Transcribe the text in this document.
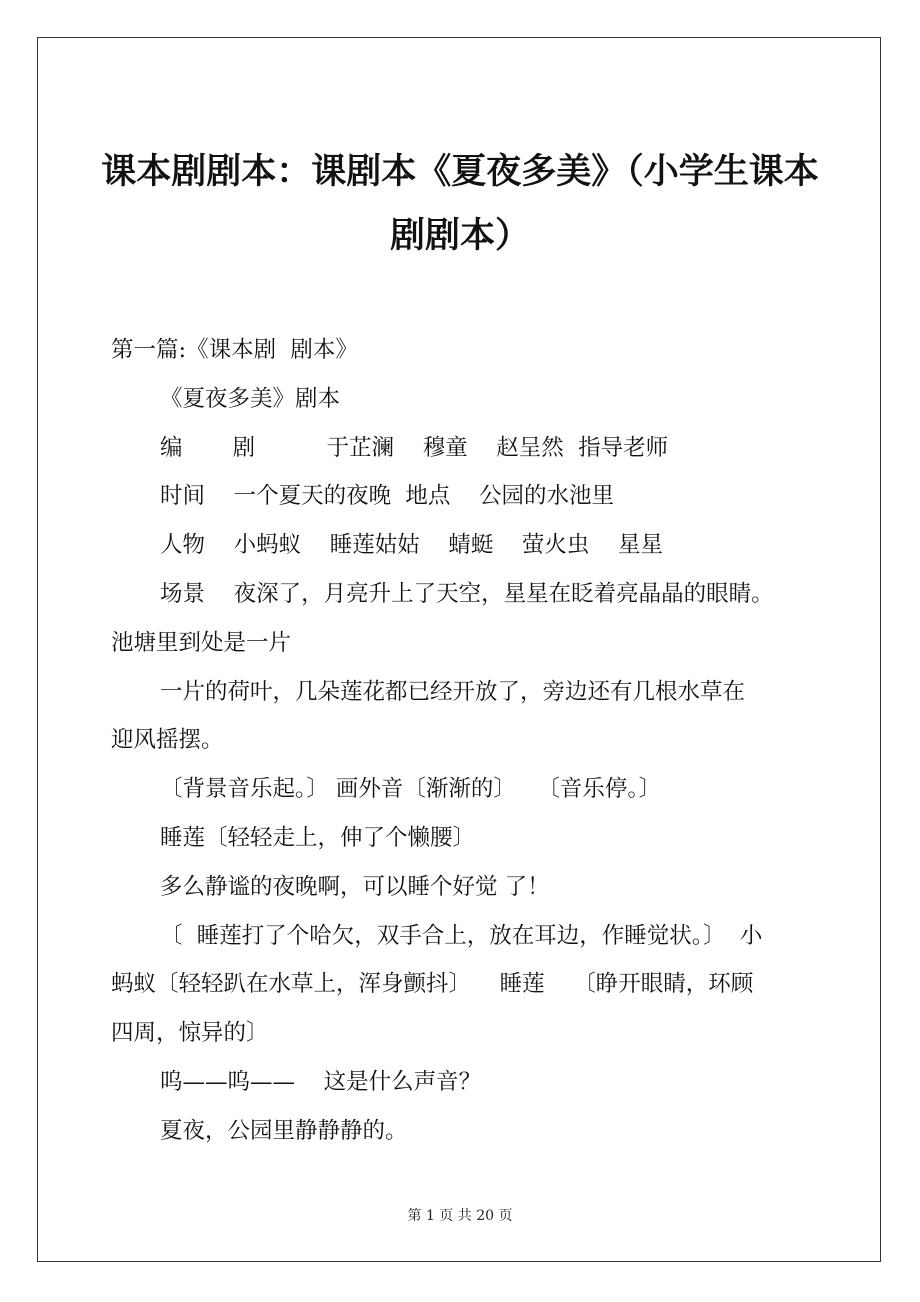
课本剧剧本：课剧本《夏夜多美》（小学生课本
剧剧本）
第一篇:《课本剧  剧本》
《夏夜多美》剧本
编       剧          于芷澜    穆童    赵呈然  指导老师
时间    一个夏天的夜晚  地点    公园的水池里
人物    小蚂蚁    睡莲姑姑    蜻蜓    萤火虫    星星
场景    夜深了，月亮升上了天空，星星在眨着亮晶晶的眼睛。
池塘里到处是一片
一片的荷叶，几朵莲花都已经开放了，旁边还有几根水草在
迎风摇摆。
〔背景音乐起。〕 画外音〔渐渐的〕   〔音乐停。〕
睡莲〔轻轻走上，伸了个懒腰〕
多么静谧的夜晚啊，可以睡个好觉 了！
〔  睡莲打了个哈欠，双手合上，放在耳边，作睡觉状。〕  小
蚂蚁〔轻轻趴在水草上，浑身颤抖〕    睡莲    〔睁开眼睛，环顾
四周，惊异的〕
呜——呜——    这是什么声音？
夏夜，公园里静静静的。
第 1 页 共 20 页
